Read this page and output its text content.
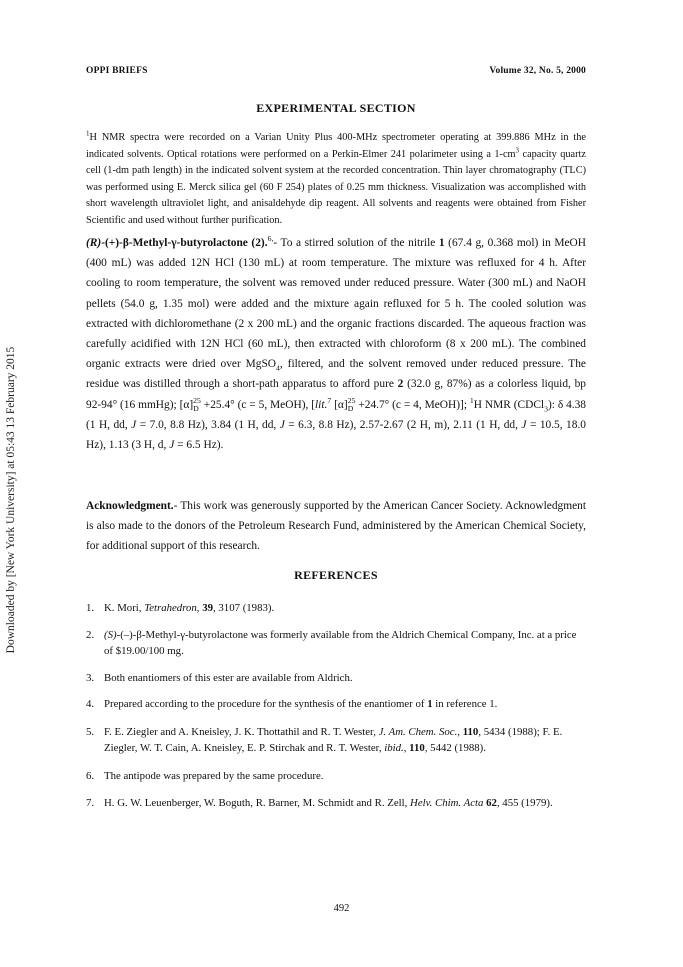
Downloaded by [New York University] at 05:43 13 February 2015
OPPI BRIEFS	Volume 32, No. 5, 2000
EXPERIMENTAL SECTION

$^1$H NMR spectra were recorded on a Varian Unity Plus 400-MHz spectrometer operating at 399.886 MHz in the indicated solvents. Optical rotations were performed on a Perkin-Elmer 241 polarimeter using a $1-cm^3$ capacity quartz cell (1-dm path length) in the indicated solvent system at the recorded concentration. Thin layer chromatography (TLC) was performed using E. Merck silica gel (60 F 254) plates of 0.25 mm thickness. Visualization was accomplished with short wavelength ultraviolet light, and anisaldehyde dip reagent. All solvents and reagents were obtained from Fisher Scientific and used without further purification.

(R)-(+)-β-Methyl-γ-butyrolactone (2).$^{6,}$- To a stirred solution of the nitrile 1 (67.4 g, 0.368 mol) in MeOH (400 mL) was added 12N HCl (130 mL) at room temperature. The mixture was refluxed for 4 h. After cooling to room temperature, the solvent was removed under reduced pressure. Water (300 mL) and NaOH pellets (54.0 g, 1.35 mol) were added and the mixture again refluxed for 5 h. The cooled solution was extracted with dichloromethane (2 x 200 mL) and the organic fractions discarded. The aqueous fraction was carefully acidified with 12N HCl (60 mL), then extracted with chloroform (8 x 200 mL). The combined organic extracts were dried over MgSO$_4$, filtered, and the solvent removed under reduced pressure. The residue was distilled through a short-path apparatus to afford pure 2 (32.0 g, 87%) as a colorless liquid, bp 92-94° (16 mmHg); [α] 25
D +25.4° (c = 5, MeOH), [lit.$^7$ [α] 25
D +24.7° (c = 4, MeOH)]; $^1$H NMR (CDCl$_3$): δ 4.38 (1 H, dd, J = 7.0, 8.8 Hz), 3.84 (1 H, dd, J = 6.3, 8.8 Hz), 2.57-2.67 (2 H, m), 2.11 (1 H, dd, J = 10.5, 18.0 Hz), 1.13 (3 H, d, J = 6.5 Hz).

Acknowledgment.- This work was generously supported by the American Cancer Society. Acknowledgment is also made to the donors of the Petroleum Research Fund, administered by the American Chemical Society, for additional support of this research.

REFERENCES
1. K. Mori, Tetrahedron, 39, 3107 (1983).
2. (S)-(–)-β-Methyl-γ-butyrolactone was formerly available from the Aldrich Chemical Company, Inc. at a price of $19.00/100 mg.
3. Both enantiomers of this ester are available from Aldrich.
4. Prepared according to the procedure for the synthesis of the enantiomer of 1 in reference 1.
5. F. E. Ziegler and A. Kneisley, J. K. Thottathil and R. T. Wester, J. Am. Chem. Soc., 110, 5434 (1988); F. E. Ziegler, W. T. Cain, A. Kneisley, E. P. Stirchak and R. T. Wester, ibid., 110, 5442 (1988).
6. The antipode was prepared by the same procedure.
7. H. G. W. Leuenberger, W. Boguth, R. Barner, M. Schmidt and R. Zell, Helv. Chim. Acta 62, 455 (1979).
492
